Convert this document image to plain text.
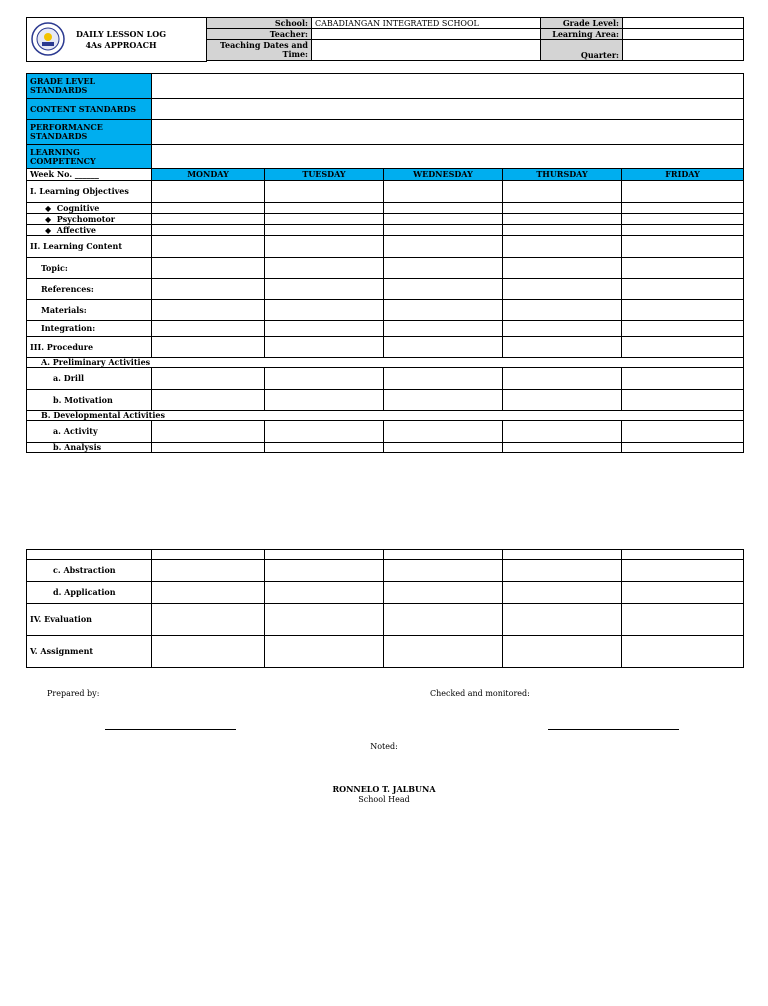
DAILY LESSON LOG
4As APPROACH
School:	CABADIANGAN INTEGRATED SCHOOL	Grade Level:	
Teacher:		Learning Area:	
Teaching Dates and Time:		Quarter:	
GRADE LEVEL STANDARDS					
CONTENT STANDARDS					
PERFORMANCE STANDARDS					
LEARNING COMPETENCY					
Week No. ______	MONDAY	TUESDAY	WEDNESDAY	THURSDAY	FRIDAY
I. Learning Objectives					
◆ Cognitive					
◆ Psychomotor					
◆ Affective					
II. Learning Content					
Topic:					
References:					
Materials:					
Integration:					
III. Procedure					
A. Preliminary Activities					
a. Drill					
b. Motivation					
B. Developmental Activities					
a. Activity					
b. Analysis					

c. Abstraction					
d. Application					
IV. Evaluation					
V. Assignment					
Prepared by:	Checked and monitored:
Noted:
RONNELO T. JALBUNA
School Head
